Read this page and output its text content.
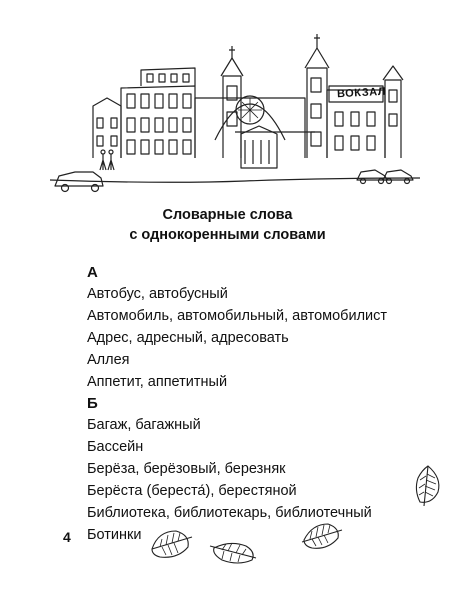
ВОКЗАЛ
Словарные слова
с однокоренными словами
А
Автобус, автобусный
Автомобиль, автомобильный, автомобилист
Адрес, адресный, адресовать
Аллея
Аппетит, аппетитный
Б
Багаж, багажный
Бассейн
Берёза, берёзовый, березняк
Берёста (береста́), берестяной
Библиотека, библиотекарь, библиотечный
Ботинки
4
